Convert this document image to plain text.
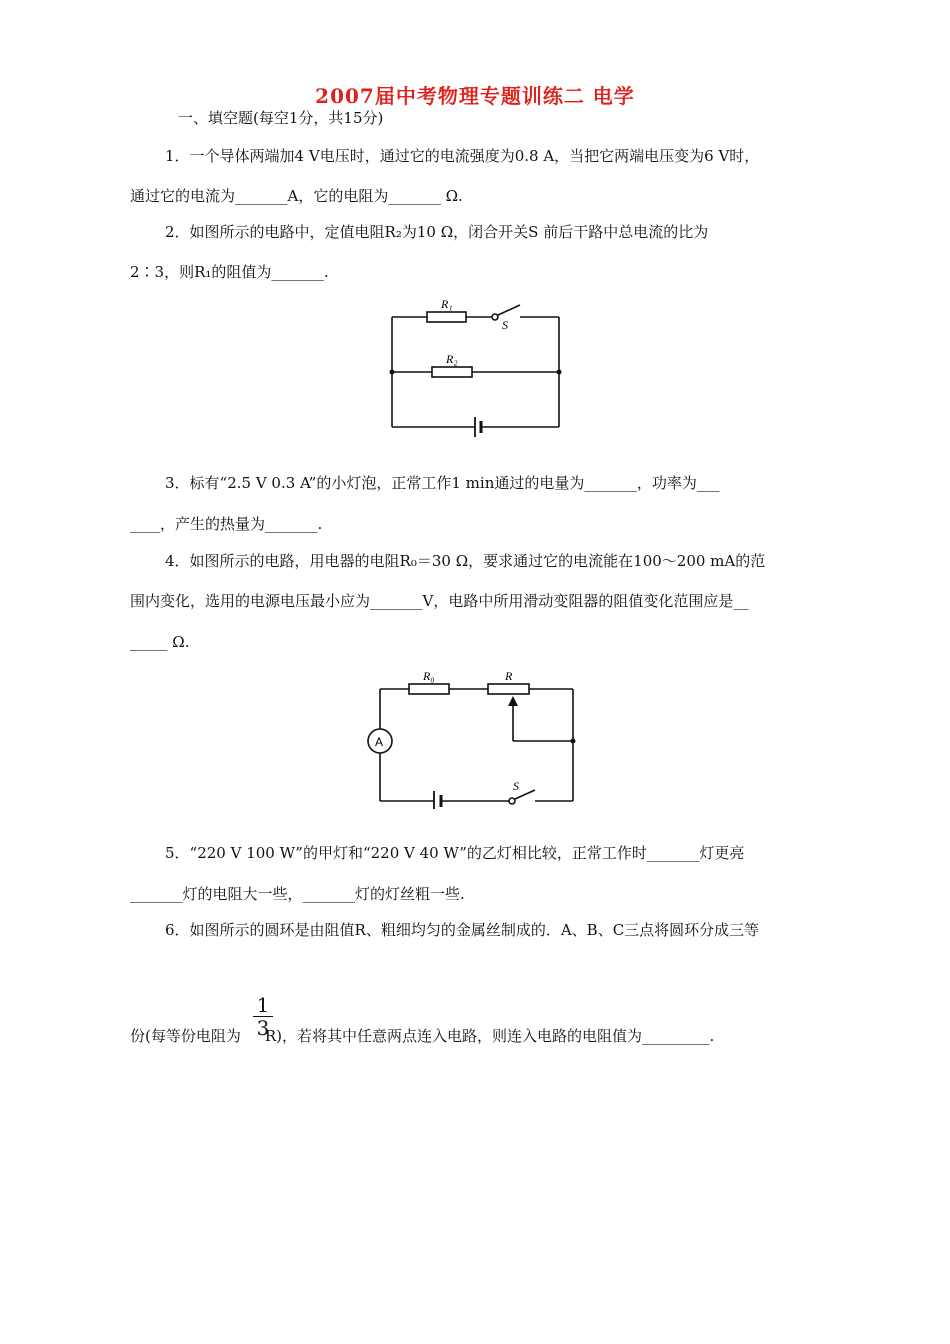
2007届中考物理专题训练二 电学
一、填空题(每空1分，共15分)
1．一个导体两端加4 V电压时，通过它的电流强度为0.8 A，当把它两端电压变为6 V时，
通过它的电流为_______A，它的电阻为_______ Ω.
2．如图所示的电路中，定值电阻R₂为10 Ω，闭合开关S 前后干路中总电流的比为
2∶3，则R₁的阻值为_______.
R₁
R₂
S
3．标有“2.5 V 0.3 A”的小灯泡，正常工作1 min通过的电量为_______，功率为___
____，产生的热量为_______.
4．如图所示的电路，用电器的电阻R₀＝30 Ω，要求通过它的电流能在100～200 mA的范
围内变化，选用的电源电压最小应为_______V，电路中所用滑动变阻器的阻值变化范围应是__
_____ Ω.
R₀	R
A
S
5．“220 V 100 W”的甲灯和“220 V 40 W”的乙灯相比较，正常工作时_______灯更亮
_______灯的电阻大一些，_______灯的灯丝粗一些.
6．如图所示的圆环是由阻值R、粗细均匀的金属丝制成的．A、B、C三点将圆环分成三等
$\frac{1}{3}$
份(每等份电阻为 R)，若将其中任意两点连入电路，则连入电路的电阻值为_________.
